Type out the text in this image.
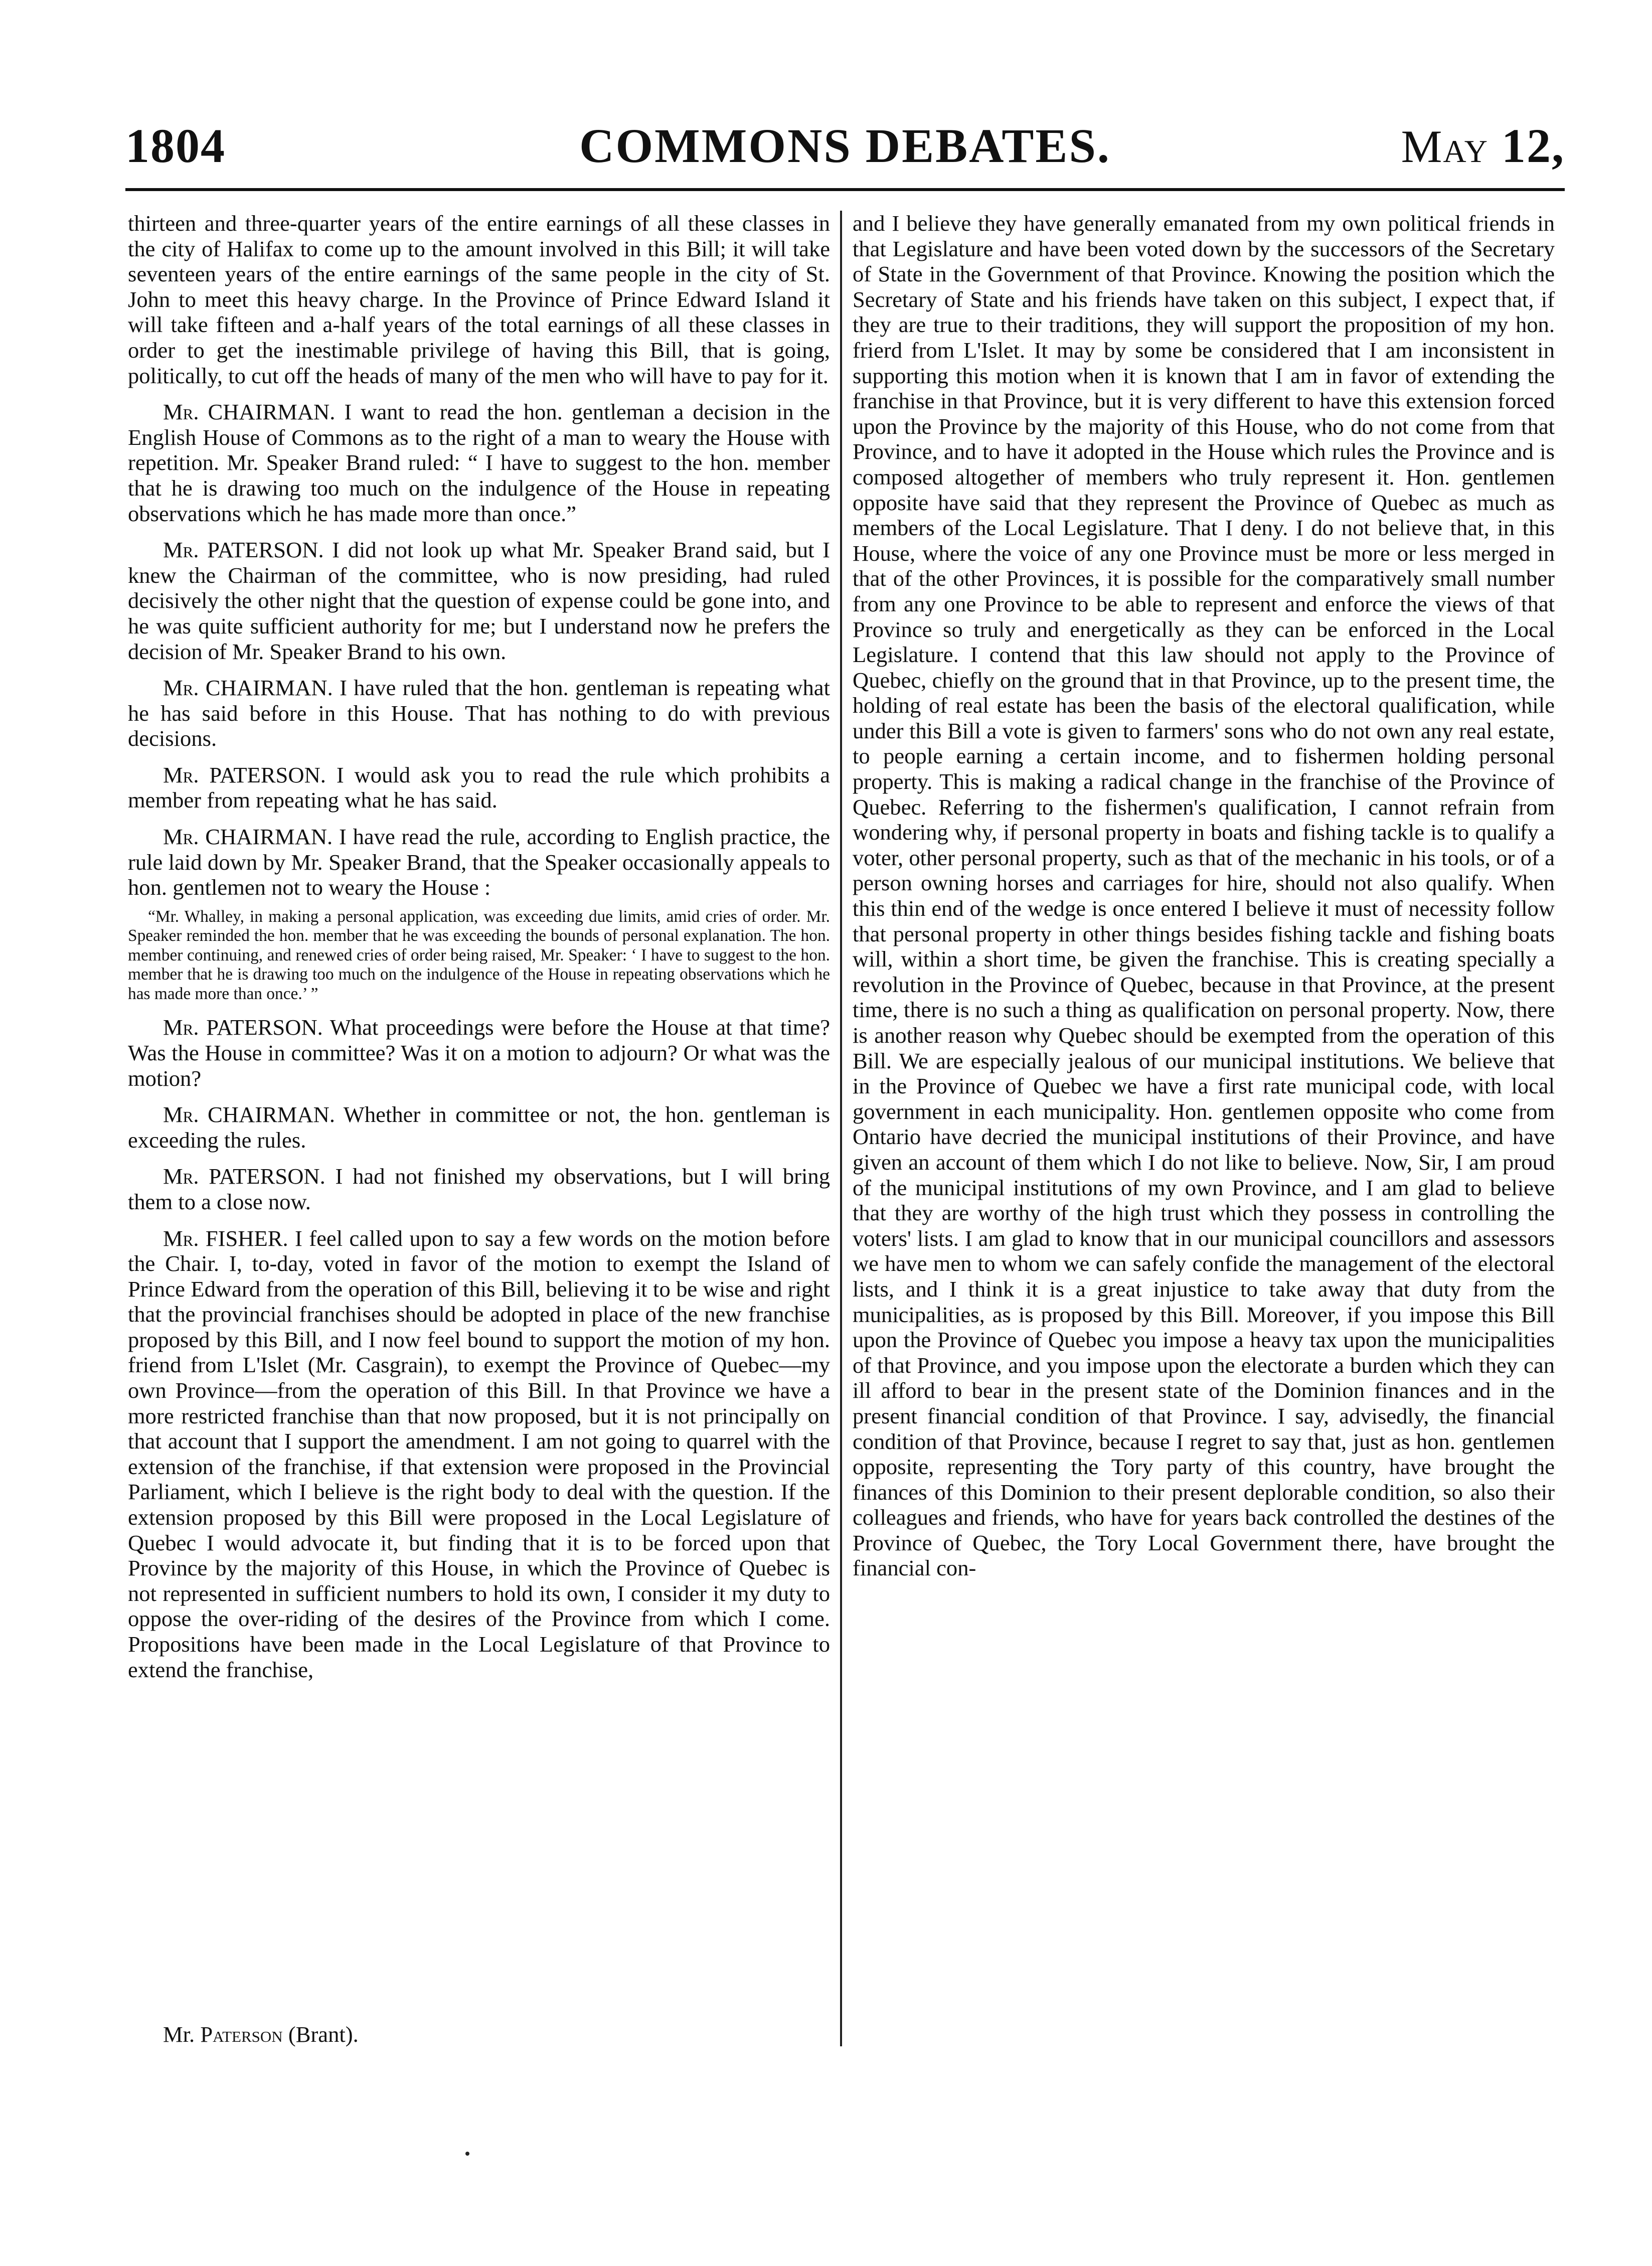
1804	COMMONS DEBATES.	May 12,

thirteen and three-quarter years of the entire earnings of all these classes in the city of Halifax to come up to the amount involved in this Bill; it will take seventeen years of the entire earnings of the same people in the city of St. John to meet this heavy charge. In the Province of Prince Edward Island it will take fifteen and a-half years of the total earnings of all these classes in order to get the inestimable privilege of having this Bill, that is going, politically, to cut off the heads of many of the men who will have to pay for it.

Mr. CHAIRMAN. I want to read the hon. gentleman a decision in the English House of Commons as to the right of a man to weary the House with repetition. Mr. Speaker Brand ruled: “ I have to suggest to the hon. member that he is drawing too much on the indulgence of the House in repeating observations which he has made more than once.”

Mr. PATERSON. I did not look up what Mr. Speaker Brand said, but I knew the Chairman of the committee, who is now presiding, had ruled decisively the other night that the question of expense could be gone into, and he was quite sufficient authority for me; but I understand now he prefers the decision of Mr. Speaker Brand to his own.

Mr. CHAIRMAN. I have ruled that the hon. gentleman is repeating what he has said before in this House. That has nothing to do with previous decisions.

Mr. PATERSON. I would ask you to read the rule which prohibits a member from repeating what he has said.

Mr. CHAIRMAN. I have read the rule, according to English practice, the rule laid down by Mr. Speaker Brand, that the Speaker occasionally appeals to hon. gentlemen not to weary the House :

“Mr. Whalley, in making a personal application, was exceeding due limits, amid cries of order. Mr. Speaker reminded the hon. member that he was exceeding the bounds of personal explanation. The hon. member continuing, and renewed cries of order being raised, Mr. Speaker: ‘ I have to suggest to the hon. member that he is drawing too much on the indulgence of the House in repeating observations which he has made more than once.’ ”

Mr. PATERSON. What proceedings were before the House at that time? Was the House in committee? Was it on a motion to adjourn? Or what was the motion?

Mr. CHAIRMAN. Whether in committee or not, the hon. gentleman is exceeding the rules.

Mr. PATERSON. I had not finished my observations, but I will bring them to a close now.

Mr. FISHER. I feel called upon to say a few words on the motion before the Chair. I, to-day, voted in favor of the motion to exempt the Island of Prince Edward from the operation of this Bill, believing it to be wise and right that the provincial franchises should be adopted in place of the new franchise proposed by this Bill, and I now feel bound to support the motion of my hon. friend from L'Islet (Mr. Casgrain), to exempt the Province of Quebec—my own Province—from the operation of this Bill. In that Province we have a more restricted franchise than that now proposed, but it is not principally on that account that I support the amendment. I am not going to quarrel with the extension of the franchise, if that extension were proposed in the Provincial Parliament, which I believe is the right body to deal with the question. If the extension proposed by this Bill were proposed in the Local Legislature of Quebec I would advocate it, but finding that it is to be forced upon that Province by the majority of this House, in which the Province of Quebec is not represented in sufficient numbers to hold its own, I consider it my duty to oppose the over-riding of the desires of the Province from which I come. Propositions have been made in the Local Legislature of that Province to extend the franchise,

and I believe they have generally emanated from my own political friends in that Legislature and have been voted down by the successors of the Secretary of State in the Government of that Province. Knowing the position which the Secretary of State and his friends have taken on this subject, I expect that, if they are true to their traditions, they will support the proposition of my hon. frierd from L'Islet. It may by some be considered that I am inconsistent in supporting this motion when it is known that I am in favor of extending the franchise in that Province, but it is very different to have this extension forced upon the Province by the majority of this House, who do not come from that Province, and to have it adopted in the House which rules the Province and is composed altogether of members who truly represent it. Hon. gentlemen opposite have said that they represent the Province of Quebec as much as members of the Local Legislature. That I deny. I do not believe that, in this House, where the voice of any one Province must be more or less merged in that of the other Provinces, it is possible for the comparatively small number from any one Province to be able to represent and enforce the views of that Province so truly and energetically as they can be enforced in the Local Legislature. I contend that this law should not apply to the Province of Quebec, chiefly on the ground that in that Province, up to the present time, the holding of real estate has been the basis of the electoral qualification, while under this Bill a vote is given to farmers' sons who do not own any real estate, to people earning a certain income, and to fishermen holding personal property. This is making a radical change in the franchise of the Province of Quebec. Referring to the fishermen's qualification, I cannot refrain from wondering why, if personal property in boats and fishing tackle is to qualify a voter, other personal property, such as that of the mechanic in his tools, or of a person owning horses and carriages for hire, should not also qualify. When this thin end of the wedge is once entered I believe it must of necessity follow that personal property in other things besides fishing tackle and fishing boats will, within a short time, be given the franchise. This is creating specially a revolution in the Province of Quebec, because in that Province, at the present time, there is no such a thing as qualification on personal property. Now, there is another reason why Quebec should be exempted from the operation of this Bill. We are especially jealous of our municipal institutions. We believe that in the Province of Quebec we have a first rate municipal code, with local government in each municipality. Hon. gentlemen opposite who come from Ontario have decried the municipal institutions of their Province, and have given an account of them which I do not like to believe. Now, Sir, I am proud of the municipal institutions of my own Province, and I am glad to believe that they are worthy of the high trust which they possess in controlling the voters' lists. I am glad to know that in our municipal councillors and assessors we have men to whom we can safely confide the management of the electoral lists, and I think it is a great injustice to take away that duty from the municipalities, as is proposed by this Bill. Moreover, if you impose this Bill upon the Province of Quebec you impose a heavy tax upon the municipalities of that Province, and you impose upon the electorate a burden which they can ill afford to bear in the present state of the Dominion finances and in the present financial condition of that Province. I say, advisedly, the financial condition of that Province, because I regret to say that, just as hon. gentlemen opposite, representing the Tory party of this country, have brought the finances of this Dominion to their present deplorable condition, so also their colleagues and friends, who have for years back controlled the destines of the Province of Quebec, the Tory Local Government there, have brought the financial con-

Mr. Paterson (Brant).
